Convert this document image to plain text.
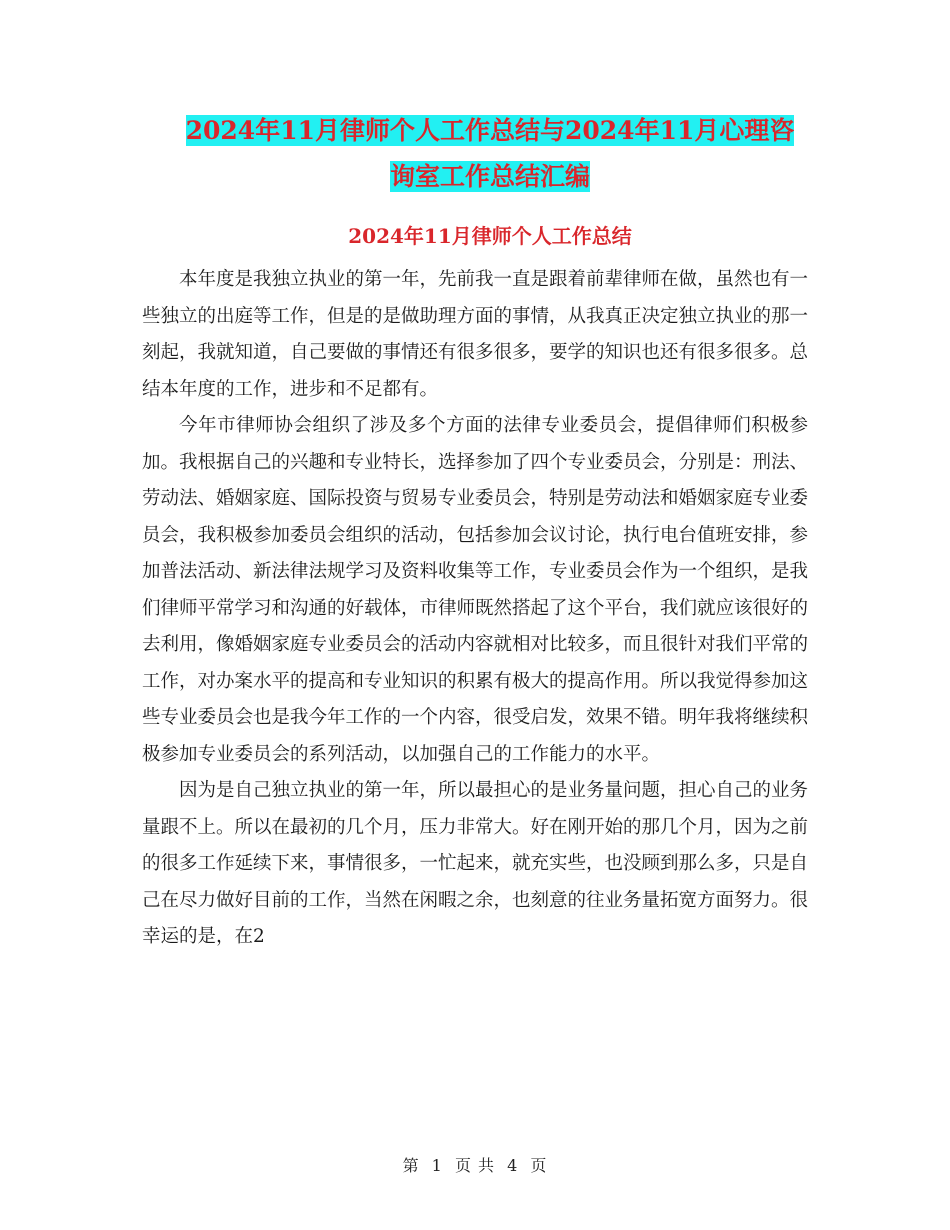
2024年11月律师个人工作总结与2024年11月心理咨
询室工作总结汇编
2024年11月律师个人工作总结

本年度是我独立执业的第一年，先前我一直是跟着前辈律师在做，虽然也有一些独立的出庭等工作，但是的是做助理方面的事情，从我真正决定独立执业的那一刻起，我就知道，自己要做的事情还有很多很多，要学的知识也还有很多很多。总结本年度的工作，进步和不足都有。

今年市律师协会组织了涉及多个方面的法律专业委员会，提倡律师们积极参加。我根据自己的兴趣和专业特长，选择参加了四个专业委员会，分别是：刑法、劳动法、婚姻家庭、国际投资与贸易专业委员会，特别是劳动法和婚姻家庭专业委员会，我积极参加委员会组织的活动，包括参加会议讨论，执行电台值班安排，参加普法活动、新法律法规学习及资料收集等工作，专业委员会作为一个组织，是我们律师平常学习和沟通的好载体，市律师既然搭起了这个平台，我们就应该很好的去利用，像婚姻家庭专业委员会的活动内容就相对比较多，而且很针对我们平常的工作，对办案水平的提高和专业知识的积累有极大的提高作用。所以我觉得参加这些专业委员会也是我今年工作的一个内容，很受启发，效果不错。明年我将继续积极参加专业委员会的系列活动，以加强自己的工作能力的水平。

因为是自己独立执业的第一年，所以最担心的是业务量问题，担心自己的业务量跟不上。所以在最初的几个月，压力非常大。好在刚开始的那几个月，因为之前的很多工作延续下来，事情很多，一忙起来，就充实些，也没顾到那么多，只是自己在尽力做好目前的工作，当然在闲暇之余，也刻意的往业务量拓宽方面努力。很幸运的是，在2

第 1 页 共 4 页
